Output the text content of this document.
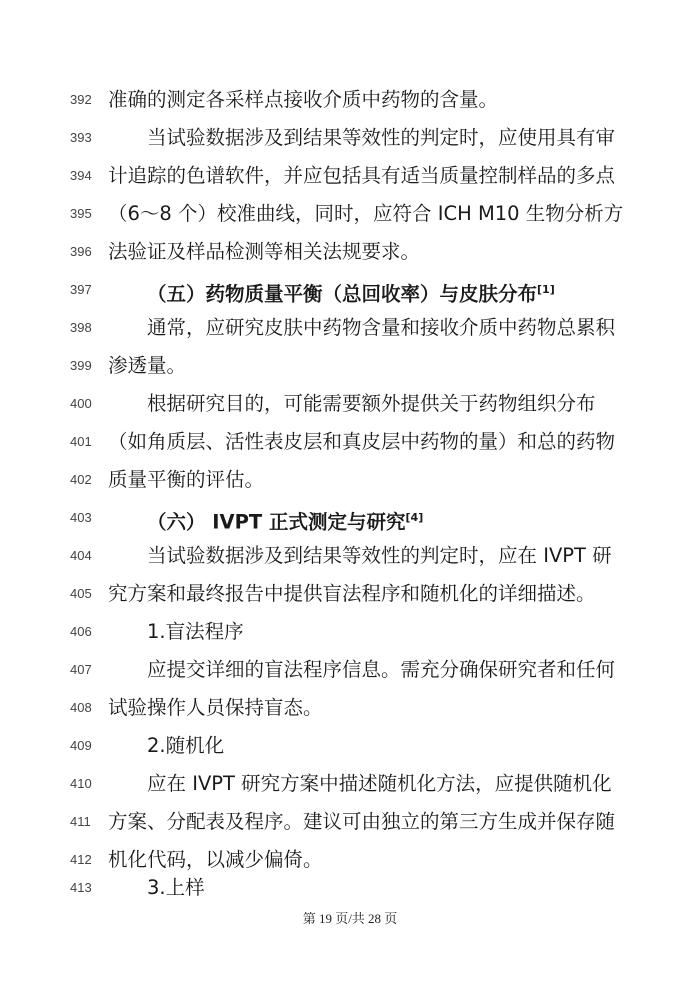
392 准确的测定各采样点接收介质中药物的含量。
393	当试验数据涉及到结果等效性的判定时，应使用具有审
394 计追踪的色谱软件，并应包括具有适当质量控制样品的多点
395 （6～8 个）校准曲线，同时，应符合 ICH M10 生物分析方
396 法验证及样品检测等相关法规要求。
397	（五）药物质量平衡（总回收率）与皮肤分布[1]
398	通常，应研究皮肤中药物含量和接收介质中药物总累积
399 渗透量。
400	根据研究目的，可能需要额外提供关于药物组织分布
401 （如角质层、活性表皮层和真皮层中药物的量）和总的药物
402 质量平衡的评估。
403	（六） IVPT 正式测定与研究[4]
404	当试验数据涉及到结果等效性的判定时，应在 IVPT 研
405 究方案和最终报告中提供盲法程序和随机化的详细描述。
406	1.盲法程序
407	应提交详细的盲法程序信息。需充分确保研究者和任何
408 试验操作人员保持盲态。
409	2.随机化
410	应在 IVPT 研究方案中描述随机化方法，应提供随机化
411 方案、分配表及程序。建议可由独立的第三方生成并保存随
412 机化代码，以减少偏倚。
413	3.上样
第 19 页/共 28 页
